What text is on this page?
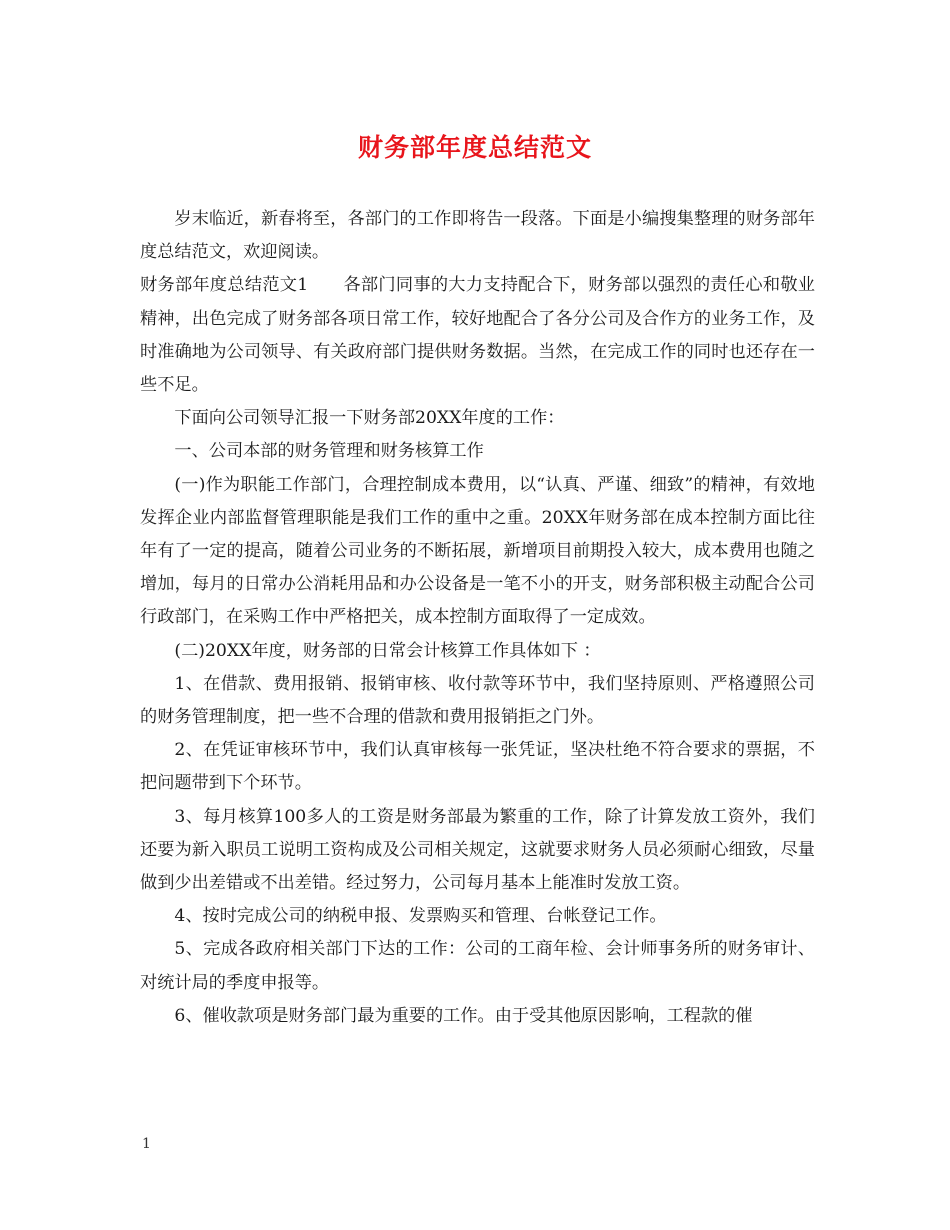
财务部年度总结范文

岁末临近，新春将至，各部门的工作即将告一段落。下面是小编搜集整理的财务部年度总结范文，欢迎阅读。

财务部年度总结范文1　　各部门同事的大力支持配合下，财务部以强烈的责任心和敬业精神，出色完成了财务部各项日常工作，较好地配合了各分公司及合作方的业务工作，及时准确地为公司领导、有关政府部门提供财务数据。当然，在完成工作的同时也还存在一些不足。

下面向公司领导汇报一下财务部20XX年度的工作：

一、公司本部的财务管理和财务核算工作

(一)作为职能工作部门，合理控制成本费用，以“认真、严谨、细致”的精神，有效地发挥企业内部监督管理职能是我们工作的重中之重。20XX年财务部在成本控制方面比往年有了一定的提高，随着公司业务的不断拓展，新增项目前期投入较大，成本费用也随之增加，每月的日常办公消耗用品和办公设备是一笔不小的开支，财务部积极主动配合公司行政部门，在采购工作中严格把关，成本控制方面取得了一定成效。

(二)20XX年度，财务部的日常会计核算工作具体如下 ：

1、在借款、费用报销、报销审核、收付款等环节中，我们坚持原则、严格遵照公司的财务管理制度，把一些不合理的借款和费用报销拒之门外。

2、在凭证审核环节中，我们认真审核每一张凭证，坚决杜绝不符合要求的票据，不把问题带到下个环节。

3、每月核算100多人的工资是财务部最为繁重的工作，除了计算发放工资外，我们还要为新入职员工说明工资构成及公司相关规定，这就要求财务人员必须耐心细致，尽量做到少出差错或不出差错。经过努力，公司每月基本上能准时发放工资。

4、按时完成公司的纳税申报、发票购买和管理、台帐登记工作。

5、完成各政府相关部门下达的工作：公司的工商年检、会计师事务所的财务审计、对统计局的季度申报等。

6、催收款项是财务部门最为重要的工作。由于受其他原因影响，工程款的催

1
